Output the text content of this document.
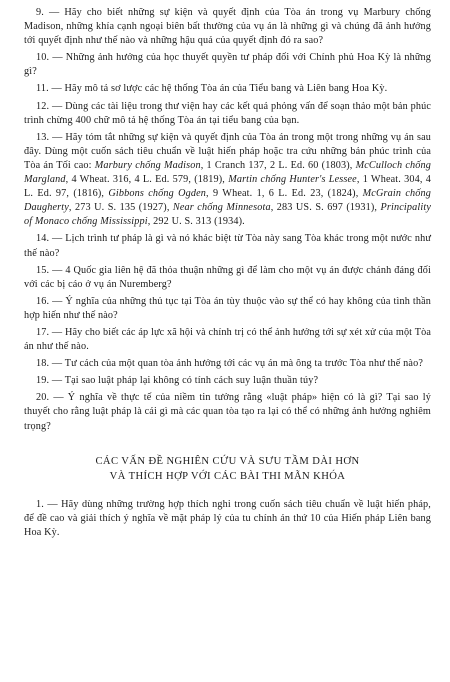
9. — Hãy cho biết những sự kiện và quyết định của Tòa án trong vụ Marbury chống Madison, những khía cạnh ngoại biên bất thường của vụ án là những gì và chúng đã ảnh hưởng tới quyết định như thế nào và những hậu quả của quyết định đó ra sao?

10. — Những ảnh hưởng của học thuyết quyền tư pháp đối với Chính phủ Hoa Kỳ là những gì?

11. — Hãy mô tả sơ lược các hệ thống Tòa án của Tiểu bang và Liên bang Hoa Kỳ.

12. — Dùng các tài liệu trong thư viện hay các kết quả phỏng vấn để soạn thảo một bản phúc trình chừng 400 chữ mô tả hệ thống Tòa án tại tiểu bang của bạn.

13. — Hãy tóm tắt những sự kiện và quyết định của Tòa án trong một trong những vụ án sau đây. Dùng một cuốn sách tiêu chuẩn về luật hiến pháp hoặc tra cứu những bản phúc trình của Tòa án Tối cao: Marbury chống Madison, 1 Cranch 137, 2 L. Ed. 60 (1803), McCulloch chống Margland, 4 Wheat. 316, 4 L. Ed. 579, (1819), Martin chống Hunter's Lessee, 1 Wheat. 304, 4 L. Ed. 97, (1816), Gibbons chống Ogden, 9 Wheat. 1, 6 L. Ed. 23, (1824), McGrain chống Daugherty, 273 U. S. 135 (1927), Near chống Minnesota, 283 US. S. 697 (1931), Principality of Monaco chống Mississippi, 292 U. S. 313 (1934).

14. — Lịch trình tư pháp là gì và nó khác biệt từ Tòa này sang Tòa khác trong một nước như thế nào?

15. — 4 Quốc gia liên hệ đã thỏa thuận những gì để làm cho một vụ án được chánh đáng đối với các bị cáo ở vụ án Nuremberg?

16. — Ý nghĩa của những thủ tục tại Tòa án tùy thuộc vào sự thể có hay không của tình thần hợp hiến như thế nào?

17. — Hãy cho biết các áp lực xã hội và chính trị có thể ảnh hưởng tới sự xét xử của một Tòa án như thế nào.

18. — Tư cách của một quan tòa ảnh hưởng tới các vụ án mà ông ta trước Tòa như thế nào?

19. — Tại sao luật pháp lại không có tính cách suy luận thuần túy?

20. — Ý nghĩa về thực tế của niềm tin tưởng rằng «luật pháp» hiện có là gì? Tại sao lý thuyết cho rằng luật pháp là cái gì mà các quan tòa tạo ra lại có thể có những ảnh hưởng nghiêm trọng?

CÁC VẤN ĐỀ NGHIÊN CỨU VÀ SƯU TẦM DÀI HƠN
VÀ THÍCH HỢP VỚI CÁC BÀI THI MÃN KHÓA

1. — Hãy dùng những trường hợp thích nghi trong cuốn sách tiêu chuẩn về luật hiến pháp, để đề cao và giải thích ý nghĩa về mặt pháp lý của tu chính án thứ 10 của Hiến pháp Liên bang Hoa Kỳ.
